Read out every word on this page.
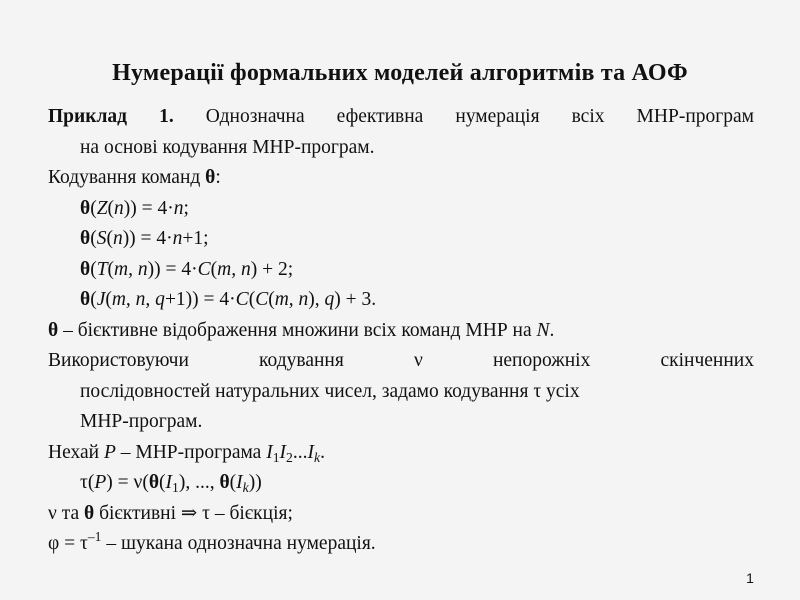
Нумерації формальних моделей алгоритмів та АОФ
Приклад 1. Однозначна ефективна нумерація всіх МНР-програм
на основі кодування МНР-програм.
Кодування команд θ:
θ(Z(n)) = 4·n;
θ(S(n)) = 4·n+1;
θ(T(m, n)) = 4·C(m, n) + 2;
θ(J(m, n, q+1)) = 4·C(C(m, n), q) + 3.
θ – бієктивне відображення множини всіх команд МНР на N.
Використовуючи кодування ν	непорожніх скінченних
послідовностей натуральних чисел, задамо кодування τ усіх
МНР-програм.
Нехай P – МНР-програма $I_1I_2...I_k$.
$\tau(P) = \nu(\theta(I_1)$, ..., $\theta(I_k)$)
ν та θ бієктивні ⇒ τ – бієкція;
$\varphi = \tau^{-1}$ – шукана однозначна нумерація.
1
